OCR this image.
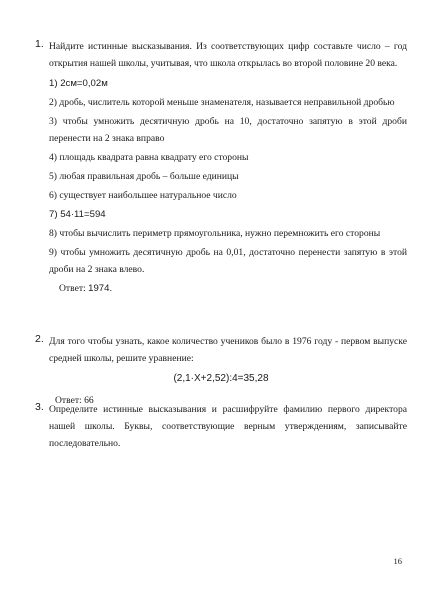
1. Найдите истинные высказывания. Из соответствующих цифр составьте число – год открытия нашей школы, учитывая, что школа открылась во второй половине 20 века.
1) 2см=0,02м
2) дробь, числитель которой меньше знаменателя, называется неправильной дробью
3) чтобы умножить десятичную дробь на 10, достаточно запятую в этой дроби перенести на 2 знака вправо
4) площадь квадрата равна квадрату его стороны
5) любая правильная дробь – больше единицы
6) существует наибольшее натуральное число
7) 54·11=594
8) чтобы вычислить периметр прямоугольника, нужно перемножить его стороны
9) чтобы умножить десятичную дробь на 0,01, достаточно перенести запятую в этой дроби на 2 знака влево.
Ответ: 1974.
2. Для того чтобы узнать, какое количество учеников было в 1976 году - первом выпуске средней школы, решите уравнение:
(2,1·X+2,52):4=35,28
Ответ: 66
3. Определите истинные высказывания и расшифруйте фамилию первого директора нашей школы. Буквы, соответствующие верным утверждениям, записывайте последовательно.
16
